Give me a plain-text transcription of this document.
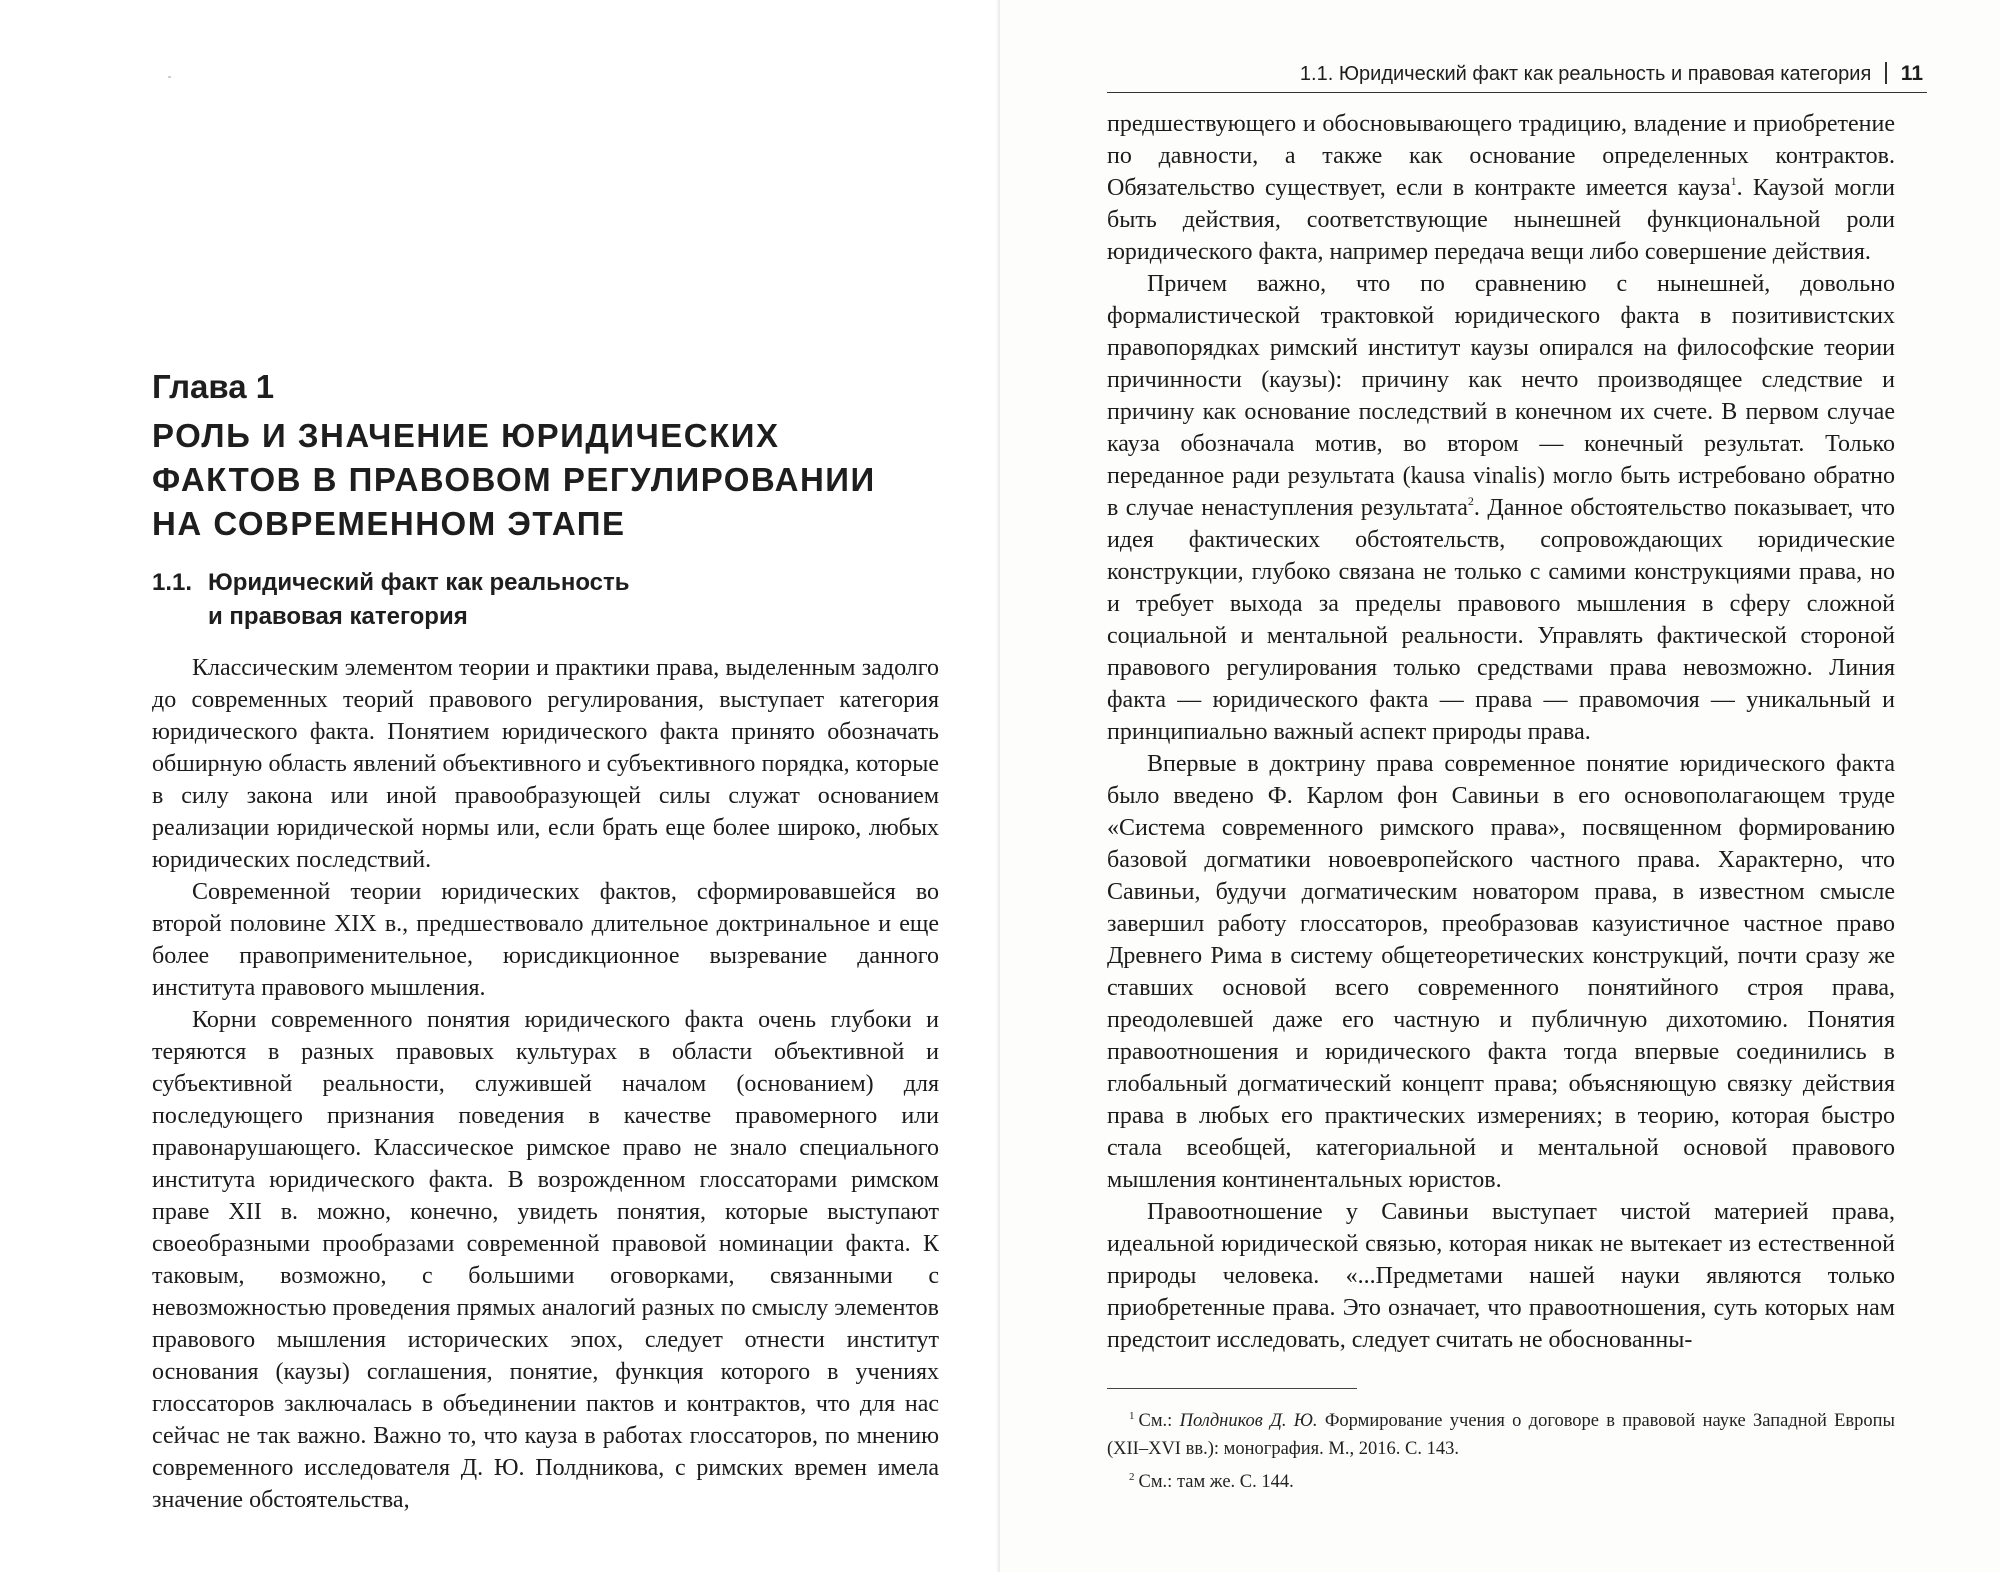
Глава 1
РОЛЬ И ЗНАЧЕНИЕ ЮРИДИЧЕСКИХ
ФАКТОВ В ПРАВОВОМ РЕГУЛИРОВАНИИ
НА СОВРЕМЕННОМ ЭТАПЕ
1.1. Юридический факт как реальность
и правовая категория

Классическим элементом теории и практики права, выделенным задолго до современных теорий правового регулирования, выступает категория юридического факта. Понятием юридического факта принято обозначать обширную область явлений объективного и субъективного порядка, которые в силу закона или иной правообразующей силы служат основанием реализации юридической нормы или, если брать еще более широко, любых юридических последствий.

Современной теории юридических фактов, сформировавшейся во второй половине XIX в., предшествовало длительное доктринальное и еще более правоприменительное, юрисдикционное вызревание данного института правового мышления.

Корни современного понятия юридического факта очень глубоки и теряются в разных правовых культурах в области объективной и субъективной реальности, служившей началом (основанием) для последующего признания поведения в качестве правомерного или правонарушающего. Классическое римское право не знало специального института юридического факта. В возрожденном глоссаторами римском праве XII в. можно, конечно, увидеть понятия, которые выступают своеобразными прообразами современной правовой номинации факта. К таковым, возможно, с большими оговорками, связанными с невозможностью проведения прямых аналогий разных по смыслу элементов правового мышления исторических эпох, следует отнести институт основания (каузы) соглашения, понятие, функция которого в учениях глоссаторов заключалась в объединении пактов и контрактов, что для нас сейчас не так важно. Важно то, что кауза в работах глоссаторов, по мнению современного исследователя Д. Ю. Полдникова, с римских времен имела значение обстоятельства,

1.1. Юридический факт как реальность и правовая категория 11

предшествующего и обосновывающего традицию, владение и приобретение по давности, а также как основание определенных контрактов. Обязательство существует, если в контракте имеется кауза$^1$. Каузой могли быть действия, соответствующие нынешней функциональной роли юридического факта, например передача вещи либо совершение действия.

Причем важно, что по сравнению с нынешней, довольно формалистической трактовкой юридического факта в позитивистских правопорядках римский институт каузы опирался на философские теории причинности (каузы): причину как нечто производящее следствие и причину как основание последствий в конечном их счете. В первом случае кауза обозначала мотив, во втором — конечный результат. Только переданное ради результата (kausa vinalis) могло быть истребовано обратно в случае ненаступления результата$^2$. Данное обстоятельство показывает, что идея фактических обстоятельств, сопровождающих юридические конструкции, глубоко связана не только с самими конструкциями права, но и требует выхода за пределы правового мышления в сферу сложной социальной и ментальной реальности. Управлять фактической стороной правового регулирования только средствами права невозможно. Линия факта — юридического факта — права — правомочия — уникальный и принципиально важный аспект природы права.

Впервые в доктрину права современное понятие юридического факта было введено Ф. Карлом фон Савиньи в его основополагающем труде «Система современного римского права», посвященном формированию базовой догматики новоевропейского частного права. Характерно, что Савиньи, будучи догматическим новатором права, в известном смысле завершил работу глоссаторов, преобразовав казуистичное частное право Древнего Рима в систему общетеоретических конструкций, почти сразу же ставших основой всего современного понятийного строя права, преодолевшей даже его частную и публичную дихотомию. Понятия правоотношения и юридического факта тогда впервые соединились в глобальный догматический концепт права; объясняющую связку действия права в любых его практических измерениях; в теорию, которая быстро стала всеобщей, категориальной и ментальной основой правового мышления континентальных юристов.

Правоотношение у Савиньи выступает чистой материей права, идеальной юридической связью, которая никак не вытекает из естественной природы человека. «...Предметами нашей науки являются только приобретенные права. Это означает, что правоотношения, суть которых нам предстоит исследовать, следует считать не обоснованны-

$^1$ См.: Полдников Д. Ю. Формирование учения о договоре в правовой науке Западной Европы (XII–XVI вв.): монография. М., 2016. С. 143.

$^2$ См.: там же. С. 144.
